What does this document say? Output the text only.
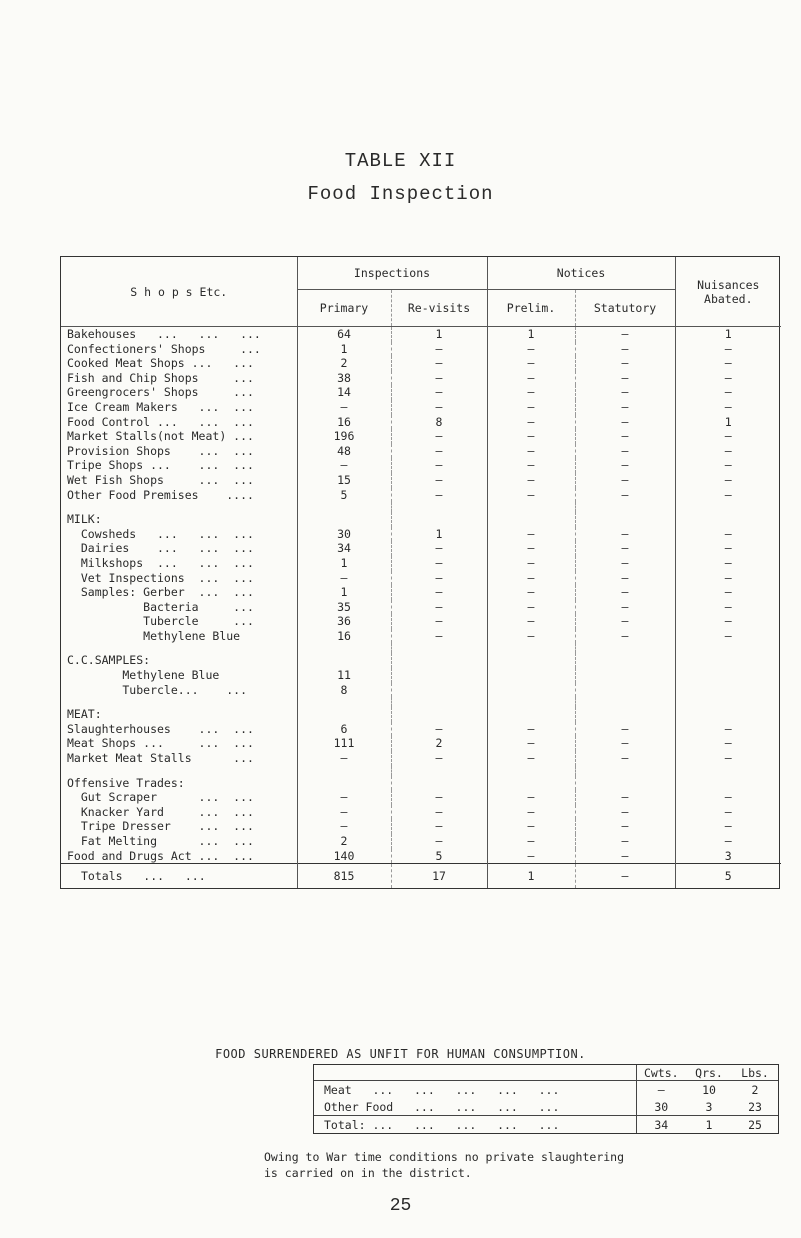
TABLE XII
Food Inspection
S h o p s Etc.	Inspections		Notices		Nuisances
Abated.

	Primary	Re-visits	Prelim.	Statutory	
Bakehouses   ...   ...   ...	64	1	1	–	1
Confectioners' Shops     ...	1	–	–	–	–
Cooked Meat Shops ...   ...	2	–	–	–	–
Fish and Chip Shops     ...	38	–	–	–	–
Greengrocers' Shops     ...	14	–	–	–	–
Ice Cream Makers   ...  ...	–	–	–	–	–
Food Control ...   ...  ...	16	8	–	–	1
Market Stalls(not Meat) ...	196	–	–	–	–
Provision Shops    ...  ...	48	–	–	–	–
Tripe Shops ...    ...  ...	–	–	–	–	–
Wet Fish Shops     ...  ...	15	–	–	–	–
Other Food Premises    ....	5	–	–	–	–

MILK:					
Cowsheds   ...   ...  ...	30	1	–	–	–
Dairies    ...   ...  ...	34	–	–	–	–
Milkshops  ...   ...  ...	1	–	–	–	–
Vet Inspections  ...  ...	–	–	–	–	–
Samples: Gerber  ...  ...	1	–	–	–	–
Bacteria     ...	35	–	–	–	–
Tubercle     ...	36	–	–	–	–
Methylene Blue	16	–	–	–	–

C.C.SAMPLES:					
Methylene Blue	11				
Tubercle...    ...	8				

MEAT:					
Slaughterhouses    ...  ...	6	–	–	–	–
Meat Shops ...     ...  ...	111	2	–	–	–
Market Meat Stalls      ...	–	–	–	–	–

Offensive Trades:					
Gut Scraper      ...  ...	–	–	–	–	–
Knacker Yard     ...  ...	–	–	–	–	–
Tripe Dresser    ...  ...	–	–	–	–	–
Fat Melting      ...  ...	2	–	–	–	–
Food and Drugs Act ...  ...	140	5	–	–	3
Totals   ...   ...	815	17	1	–	5
FOOD SURRENDERED AS UNFIT FOR HUMAN CONSUMPTION.
	Cwts.	Qrs.	Lbs.
Meat   ...   ...   ...   ...   ...	–	10	2
Other Food   ...   ...   ...   ...	30	3	23
Total: ...   ...   ...   ...   ...	34	1	25
Owing to War time conditions no private slaughtering
is carried on in the district.
25
